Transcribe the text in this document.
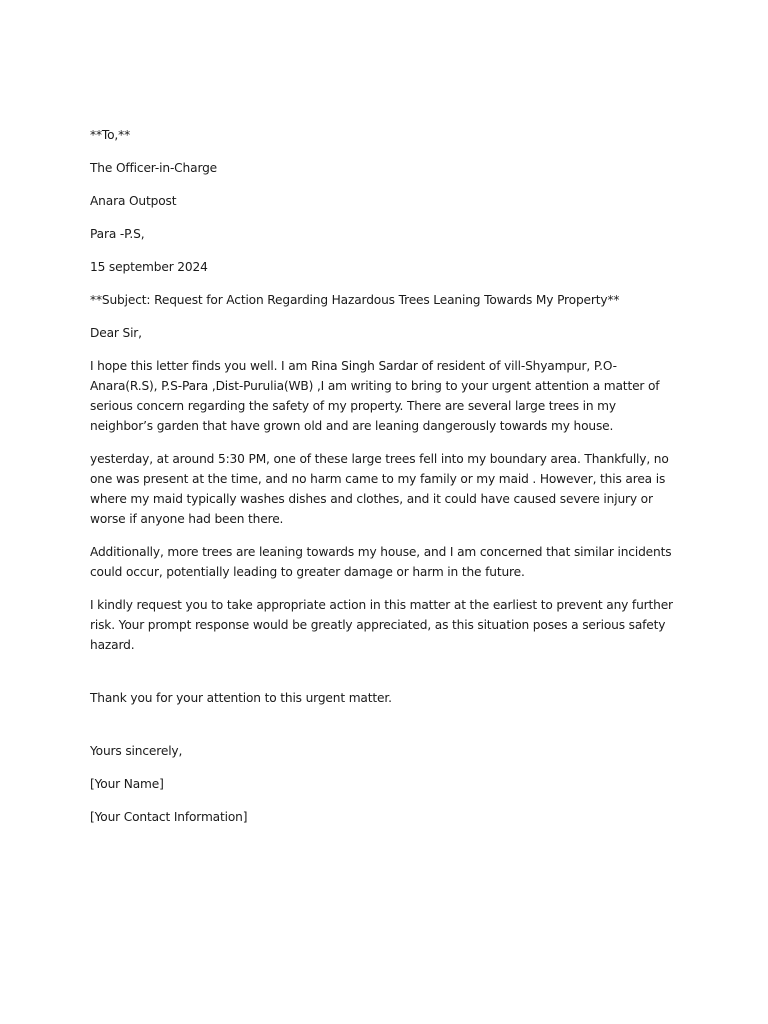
**To,**

The Officer-in-Charge

Anara Outpost

Para -P.S,

15 september 2024

**Subject: Request for Action Regarding Hazardous Trees Leaning Towards My Property**

Dear Sir,

I hope this letter finds you well. I am Rina Singh Sardar of resident of vill-Shyampur, P.O-Anara(R.S), P.S-Para ,Dist-Purulia(WB) ,I am writing to bring to your urgent attention a matter of serious concern regarding the safety of my property. There are several large trees in my neighbor’s garden that have grown old and are leaning dangerously towards my house.

yesterday, at around 5:30 PM, one of these large trees fell into my boundary area. Thankfully, no one was present at the time, and no harm came to my family or my maid . However, this area is where my maid typically washes dishes and clothes, and it could have caused severe injury or worse if anyone had been there.

Additionally, more trees are leaning towards my house, and I am concerned that similar incidents could occur, potentially leading to greater damage or harm in the future.

I kindly request you to take appropriate action in this matter at the earliest to prevent any further risk. Your prompt response would be greatly appreciated, as this situation poses a serious safety hazard.

Thank you for your attention to this urgent matter.

Yours sincerely,

[Your Name]

[Your Contact Information]
